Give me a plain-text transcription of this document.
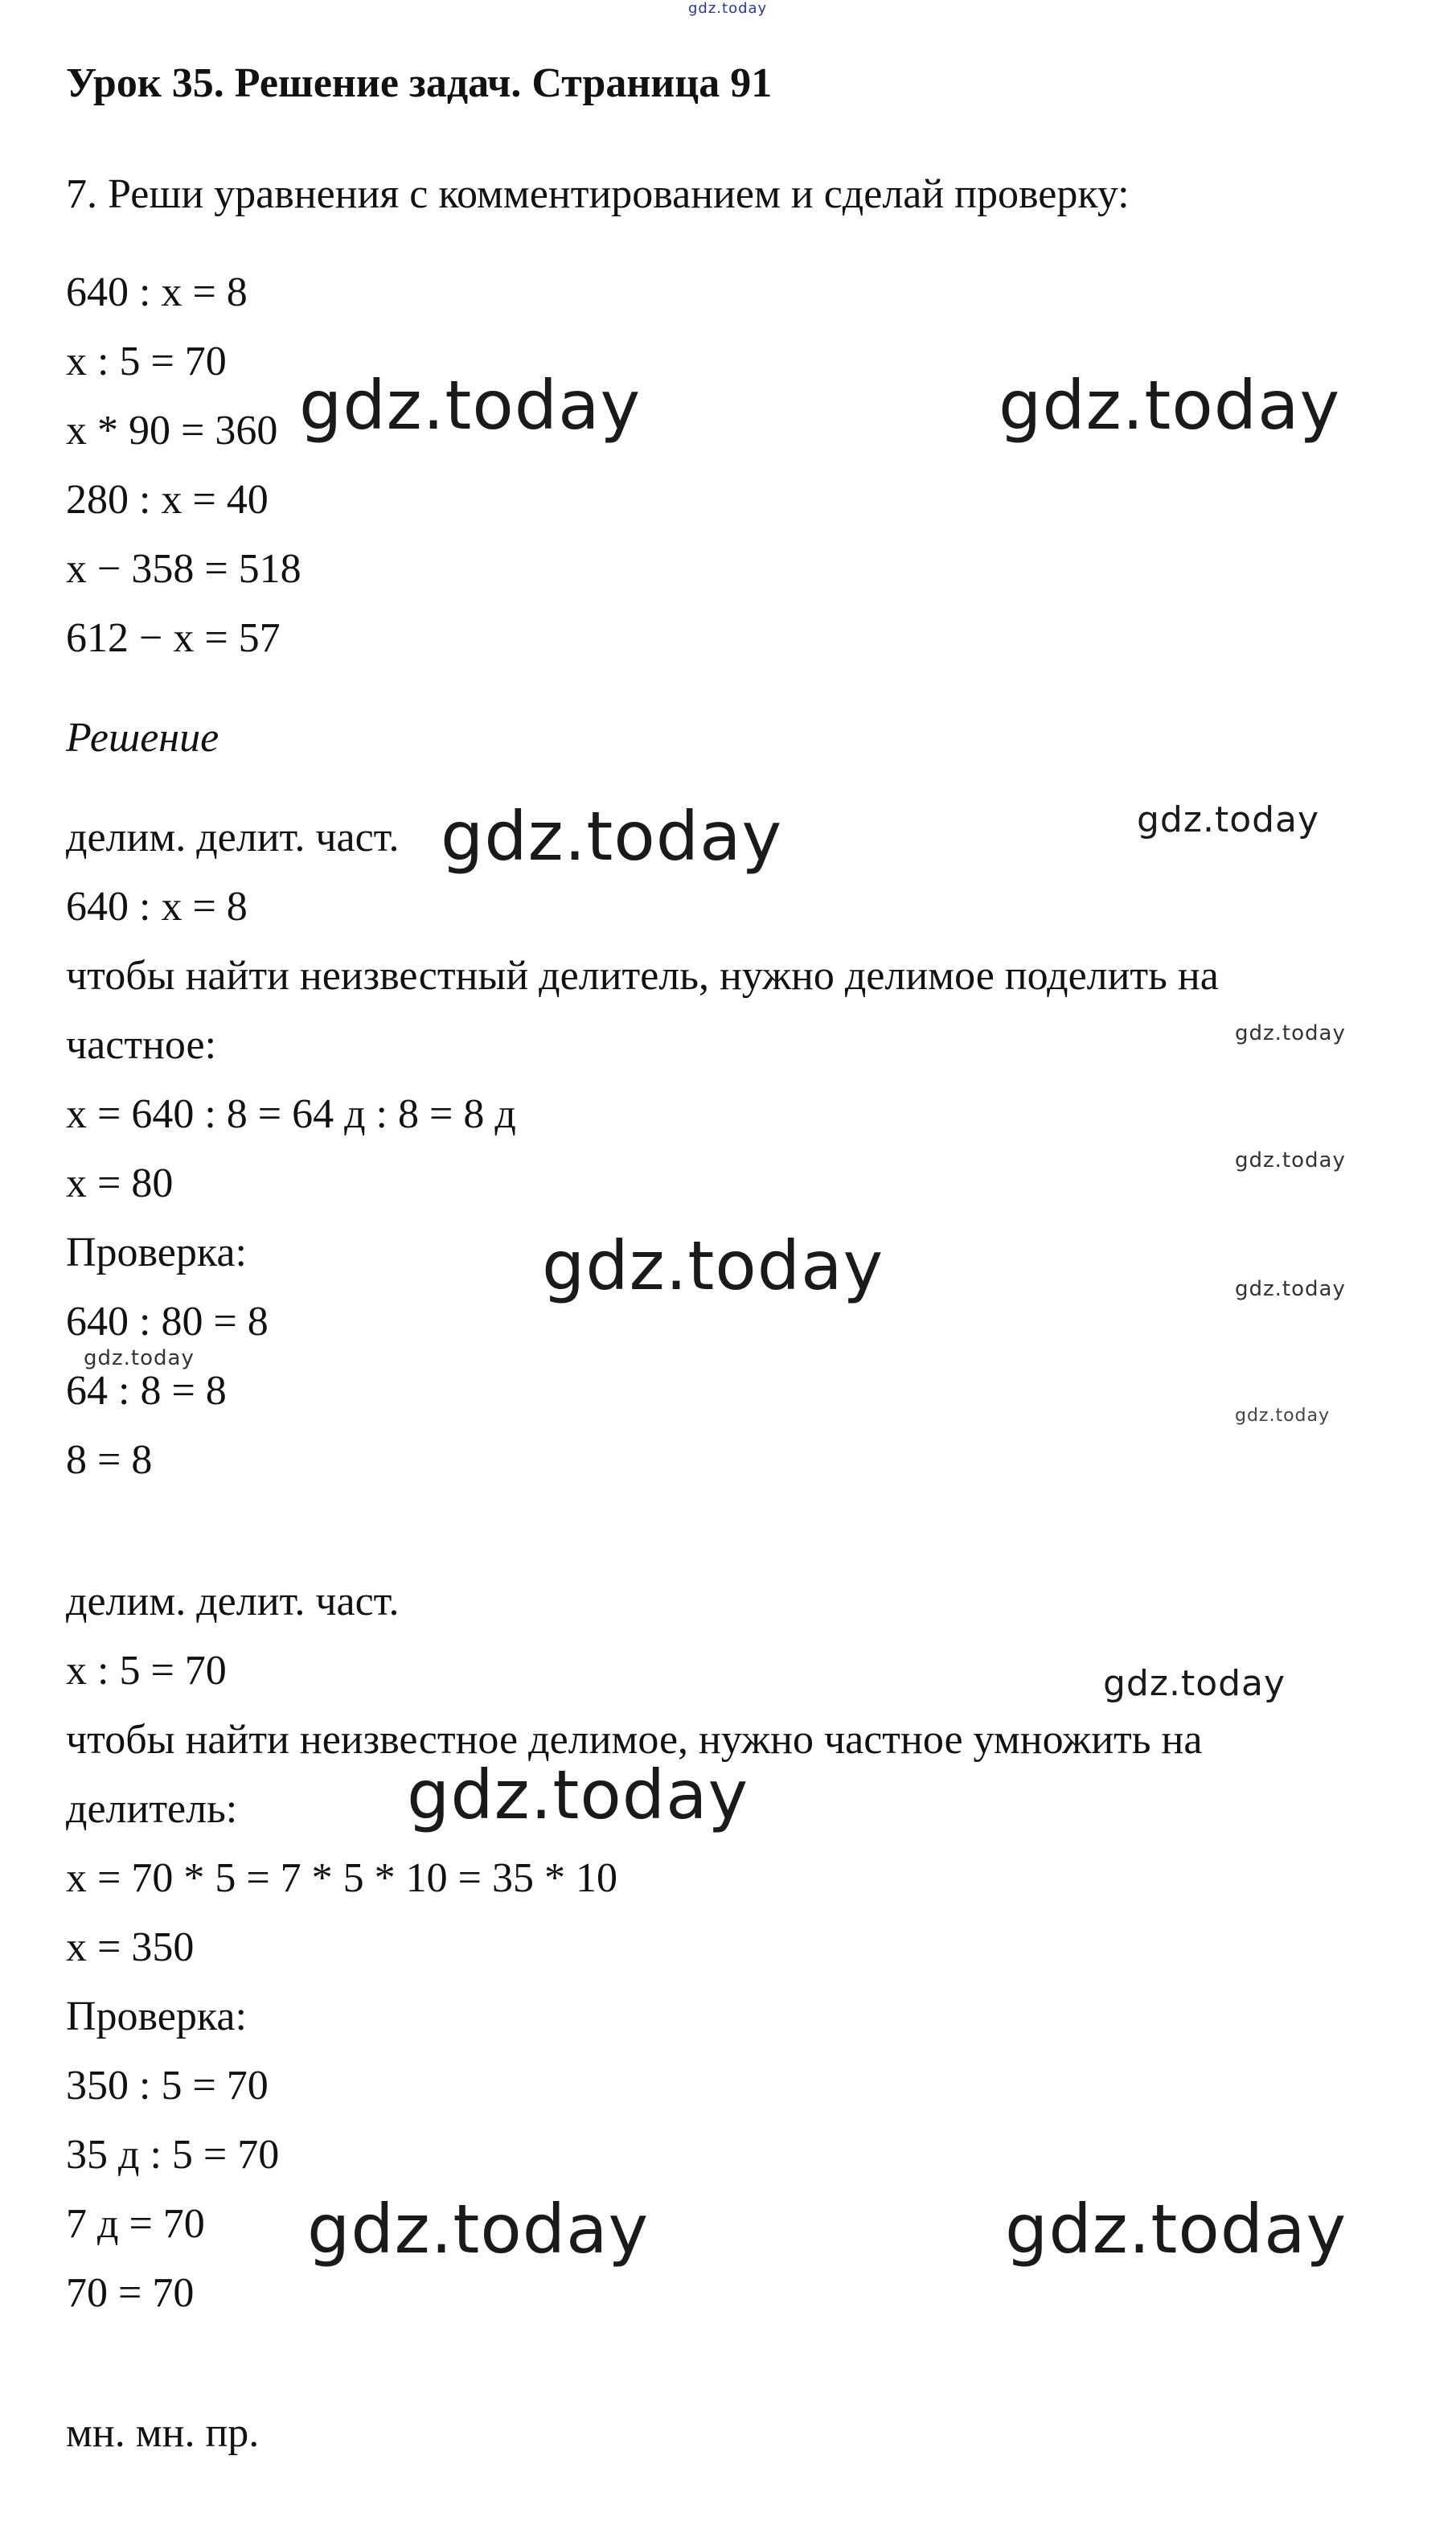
gdz.today
Урок 35. Решение задач. Страница 91
7. Реши уравнения с комментированием и сделай проверку:
640 : x = 8
x : 5 = 70
x * 90 = 360
280 : x = 40
x − 358 = 518
612 − x = 57
Решение
делим. делит. част.
640 : x = 8
чтобы найти неизвестный делитель, нужно делимое поделить на
частное:
x = 640 : 8 = 64 д : 8 = 8 д
x = 80
Проверка:
640 : 80 = 8
64 : 8 = 8
8 = 8
делим. делит. част.
x : 5 = 70
чтобы найти неизвестное делимое, нужно частное умножить на
делитель:
x = 70 * 5 = 7 * 5 * 10 = 35 * 10
x = 350
Проверка:
350 : 5 = 70
35 д : 5 = 70
7 д = 70
70 = 70
мн. мн. пр.
gdz.today	gdz.today
gdz.today	gdz.today
gdz.today
gdz.today
gdz.today	gdz.today
gdz.today
gdz.today
gdz.today
gdz.today
gdz.today	gdz.today
